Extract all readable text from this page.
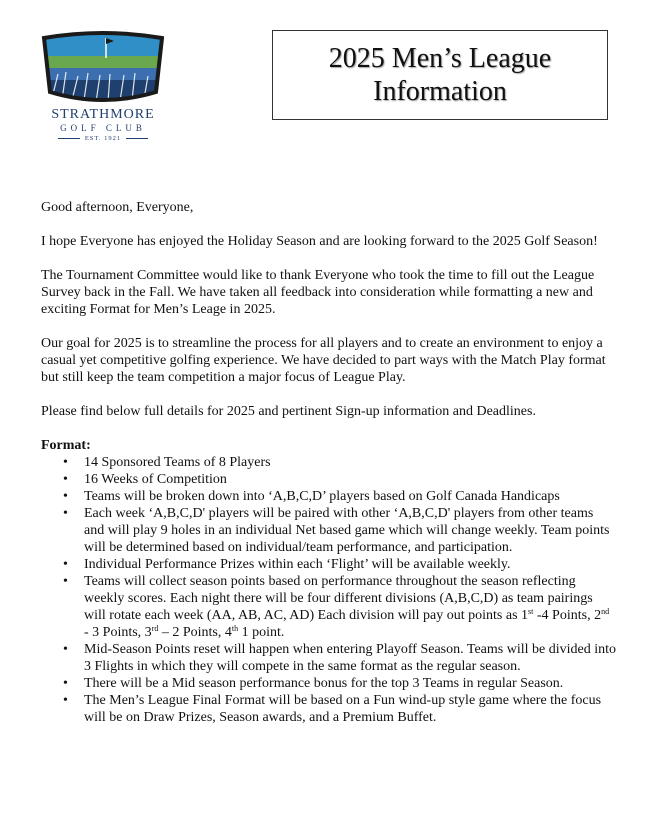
STRATHMORE
GOLF CLUB
EST. 1921
2025 Men’s League
Information

Good afternoon, Everyone,

I hope Everyone has enjoyed the Holiday Season and are looking forward to the 2025 Golf Season!

The Tournament Committee would like to thank Everyone who took the time to fill out the League Survey back in the Fall. We have taken all feedback into consideration while formatting a new and exciting Format for Men’s Leage in 2025.

Our goal for 2025 is to streamline the process for all players and to create an environment to enjoy a casual yet competitive golfing experience. We have decided to part ways with the Match Play format but still keep the team competition a major focus of League Play.

Please find below full details for 2025 and pertinent Sign-up information and Deadlines.

Format:

• 14 Sponsored Teams of 8 Players
• 16 Weeks of Competition
• Teams will be broken down into ‘A,B,C,D’ players based on Golf Canada Handicaps
• Each week ‘A,B,C,D' players will be paired with other ‘A,B,C,D' players from other teams and will play 9 holes in an individual Net based game which will change weekly. Team points will be determined based on individual/team performance, and participation.
• Individual Performance Prizes within each ‘Flight’ will be available weekly.
• Teams will collect season points based on performance throughout the season reflecting weekly scores. Each night there will be four different divisions (A,B,C,D) as team pairings will rotate each week (AA, AB, AC, AD) Each division will pay out points as 1st -4 Points, 2nd - 3 Points, 3rd – 2 Points, 4th 1 point.
• Mid-Season Points reset will happen when entering Playoff Season. Teams will be divided into 3 Flights in which they will compete in the same format as the regular season.
• There will be a Mid season performance bonus for the top 3 Teams in regular Season.
• The Men’s League Final Format will be based on a Fun wind-up style game where the focus will be on Draw Prizes, Season awards, and a Premium Buffet.
